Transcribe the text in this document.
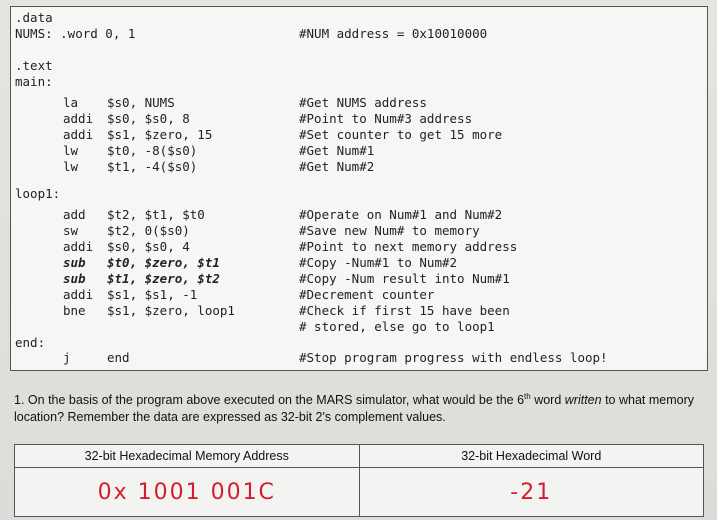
.data
NUMS: .word 0, 1	#NUM address = 0x10010000
.text
main:
la $s0, NUMS	#Get NUMS address
addi $s0, $s0, 8	#Point to Num#3 address
addi $s1, $zero, 15	#Set counter to get 15 more
lw $t0, -8($s0)	#Get Num#1
lw $t1, -4($s0)	#Get Num#2
loop1:
add $t2, $t1, $t0	#Operate on Num#1 and Num#2
sw $t2, 0($s0)	#Save new Num# to memory
addi $s0, $s0, 4	#Point to next memory address
sub $t0, $zero, $t1	#Copy -Num#1 to Num#2
sub $t1, $zero, $t2	#Copy -Num result into Num#1
addi $s1, $s1, -1	#Decrement counter
bne $s1, $zero, loop1	#Check if first 15 have been
# stored, else go to loop1
end:
j	end	#Stop program progress with endless loop!
1. On the basis of the program above executed on the MARS simulator, what would be the 6th word written to what memory location? Remember the data are expressed as 32-bit 2's complement values.
32-bit Hexadecimal Memory Address	32-bit Hexadecimal Word
0x 1001 001C	-21
